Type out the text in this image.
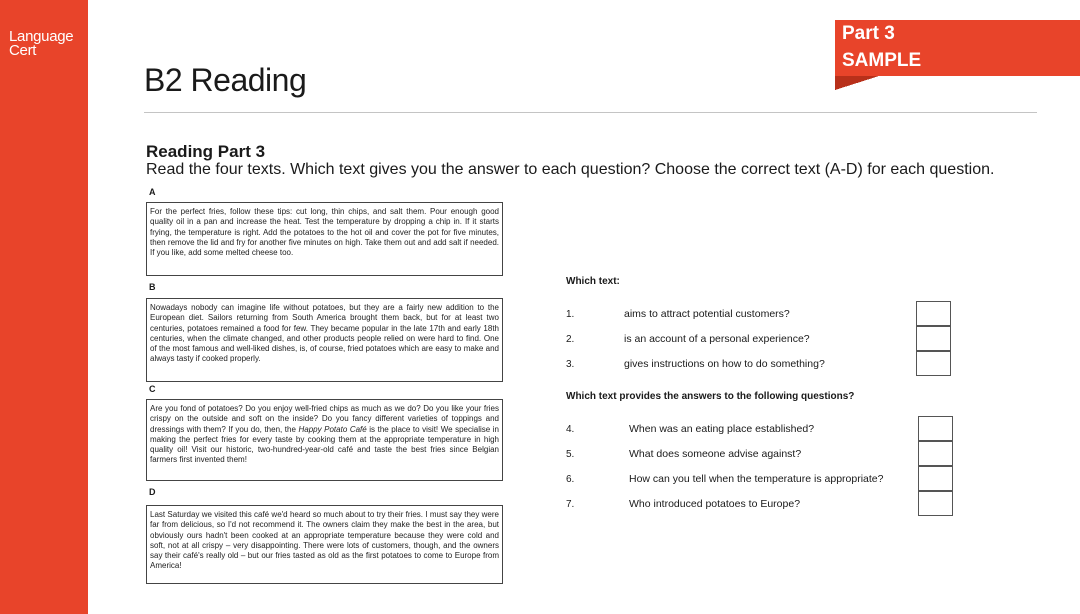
Language
Cert
Part 3
SAMPLE
B2 Reading
Reading Part 3
Read the four texts. Which text gives you the answer to each question? Choose the correct text (A-D) for each question.
A
For the perfect fries, follow these tips: cut long, thin chips, and salt them. Pour enough good quality oil in a pan and increase the heat. Test the temperature by dropping a chip in. If it starts frying, the temperature is right. Add the potatoes to the hot oil and cover the pot for five minutes, then remove the lid and fry for another five minutes on high. Take them out and add salt if needed. If you like, add some melted cheese too.
B
Nowadays nobody can imagine life without potatoes, but they are a fairly new addition to the European diet. Sailors returning from South America brought them back, but for at least two centuries, potatoes remained a food for few. They became popular in the late 17th and early 18th centuries, when the climate changed, and other products people relied on were hard to find. One of the most famous and well-liked dishes, is, of course, fried potatoes which are easy to make and always tasty if cooked properly.
C
Are you fond of potatoes? Do you enjoy well-fried chips as much as we do? Do you like your fries crispy on the outside and soft on the inside? Do you fancy different varieties of toppings and dressings with them? If you do, then, the Happy Potato Café is the place to visit! We specialise in making the perfect fries for every taste by cooking them at the appropriate temperature in high quality oil! Visit our historic, two-hundred-year-old café and taste the best fries since Belgian farmers first invented them!
D
Last Saturday we visited this café we'd heard so much about to try their fries. I must say they were far from delicious, so I'd not recommend it. The owners claim they make the best in the area, but obviously ours hadn't been cooked at an appropriate temperature because they were cold and soft, not at all crispy – very disappointing. There were lots of customers, though, and the owners say their café's really old – but our fries tasted as old as the first potatoes to come to Europe from America!
Which text:
1.	aims to attract potential customers?
2.	is an account of a personal experience?
3.	gives instructions on how to do something?
Which text provides the answers to the following questions?
4.	When was an eating place established?
5.	What does someone advise against?
6.	How can you tell when the temperature is appropriate?
7.	Who introduced potatoes to Europe?
